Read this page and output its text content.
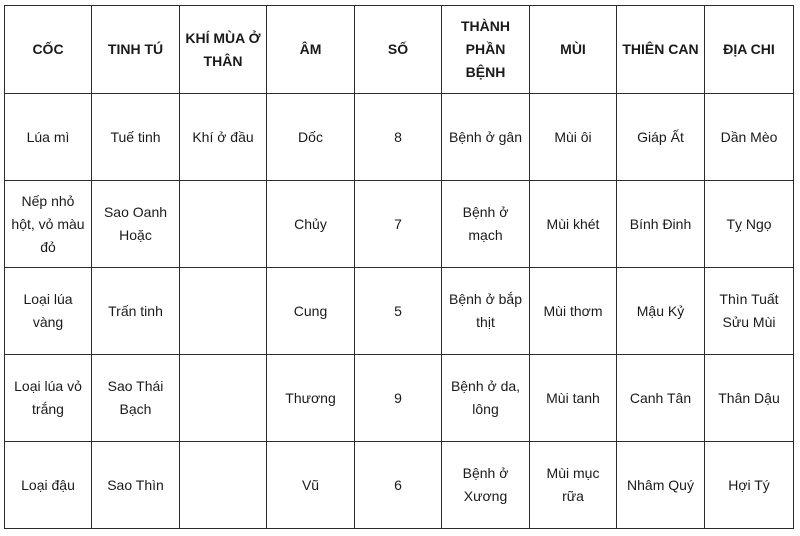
CỐC	TINH TÚ	KHÍ MÙA Ở THÂN	ÂM	SỐ	THÀNH PHẦN BỆNH	MÙI	THIÊN CAN	ĐỊA CHI
Lúa mì	Tuế tinh	Khí ở đầu	Dốc	8	Bệnh ở gân	Mùi ôi	Giáp Ất	Dần Mèo
Nếp nhỏ hột, vỏ màu đỏ	Sao Oanh Hoặc		Chủy	7	Bệnh ở mạch	Mùi khét	Bính Đinh	Tỵ Ngọ
Loại lúa vàng	Trấn tinh		Cung	5	Bệnh ở bắp thịt	Mùi thơm	Mậu Kỷ	Thìn Tuất Sửu Mùi
Loại lúa vỏ trắng	Sao Thái Bạch		Thương	9	Bệnh ở da, lông	Mùi tanh	Canh Tân	Thân Dậu
Loại đậu	Sao Thìn		Vũ	6	Bệnh ở Xương	Mùi mục rữa	Nhâm Quý	Hợi Tý
